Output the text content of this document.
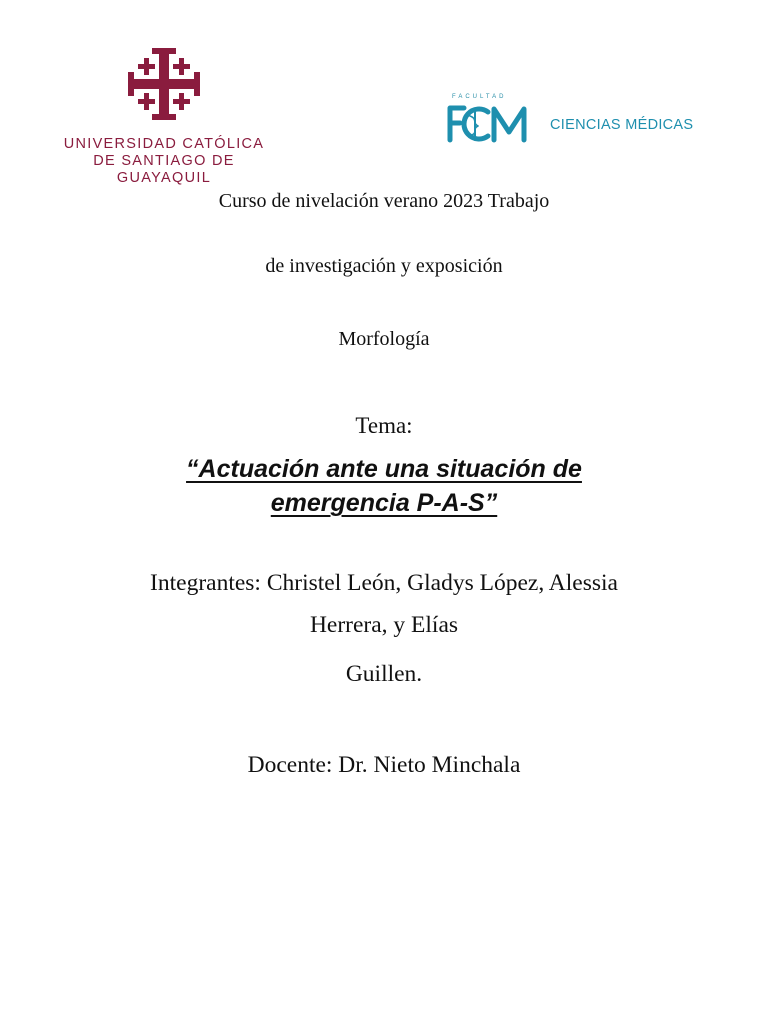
UNIVERSIDAD CATÓLICA
DE SANTIAGO DE GUAYAQUIL
FACULTAD
CIENCIAS MÉDICAS
Curso de nivelación verano 2023 Trabajo
de investigación y exposición
Morfología
Tema:
“Actuación ante una situación de
emergencia P-A-S”
Integrantes: Christel León, Gladys López, Alessia
Herrera, y Elías
Guillen.
Docente: Dr. Nieto Minchala
